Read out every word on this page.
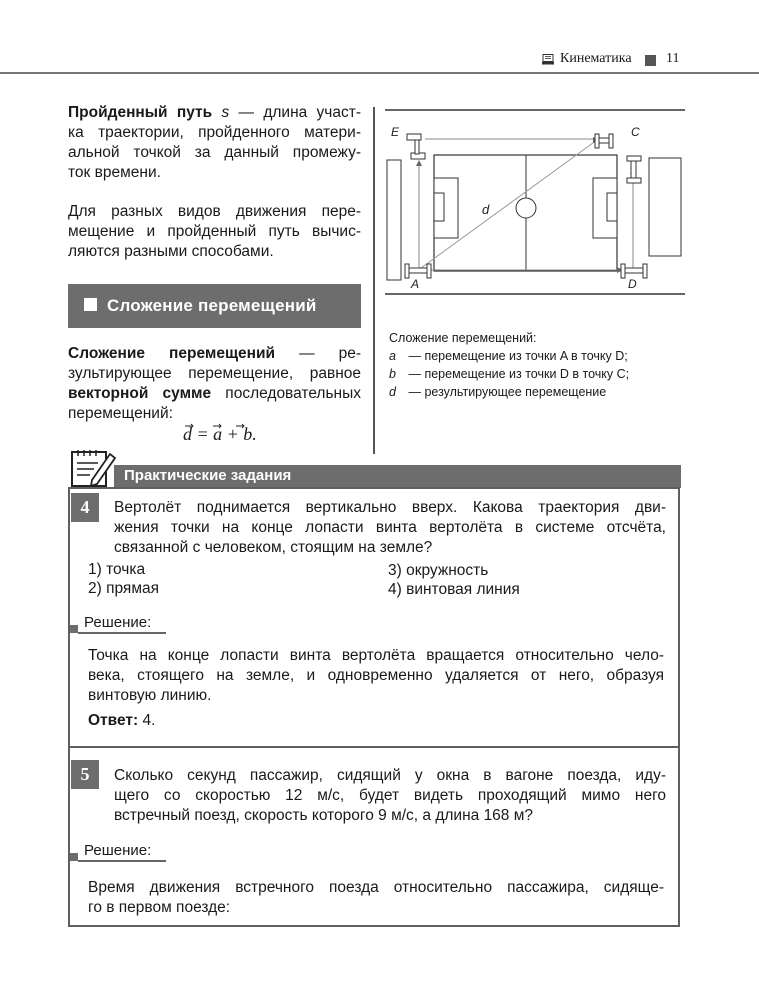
Кинематика 11
Пройденный путь s — длина участ-
ка траектории, пройденного матери-
альной точкой за данный промежу-
ток времени.
Для разных видов движения пере-
мещение и пройденный путь вычис-
ляются разными способами.
Сложение перемещений
Сложение перемещений — ре-
зультирующее перемещение, равное
векторной сумме последовательных
перемещений:
d = a + b.
E	C
A	D
d
Сложение перемещений:
a — перемещение из точки A в точку D;
b — перемещение из точки D в точку C;
d — результирующее перемещение
Практические задания
4	Вертолёт поднимается вертикально вверх. Какова траектория дви-
жения точки на конце лопасти винта вертолёта в системе отсчёта,
связанной с человеком, стоящим на земле?
1) точка
2) прямая
3) окружность
4) винтовая линия
Решение:
Точка на конце лопасти винта вертолёта вращается относительно чело-
века, стоящего на земле, и одновременно удаляется от него, образуя
винтовую линию.
Ответ: 4.
5	Сколько секунд пассажир, сидящий у окна в вагоне поезда, иду-
щего со скоростью 12 м/с, будет видеть проходящий мимо него
встречный поезд, скорость которого 9 м/с, а длина 168 м?
Решение:
Время движения встречного поезда относительно пассажира, сидяще-
го в первом поезде:
